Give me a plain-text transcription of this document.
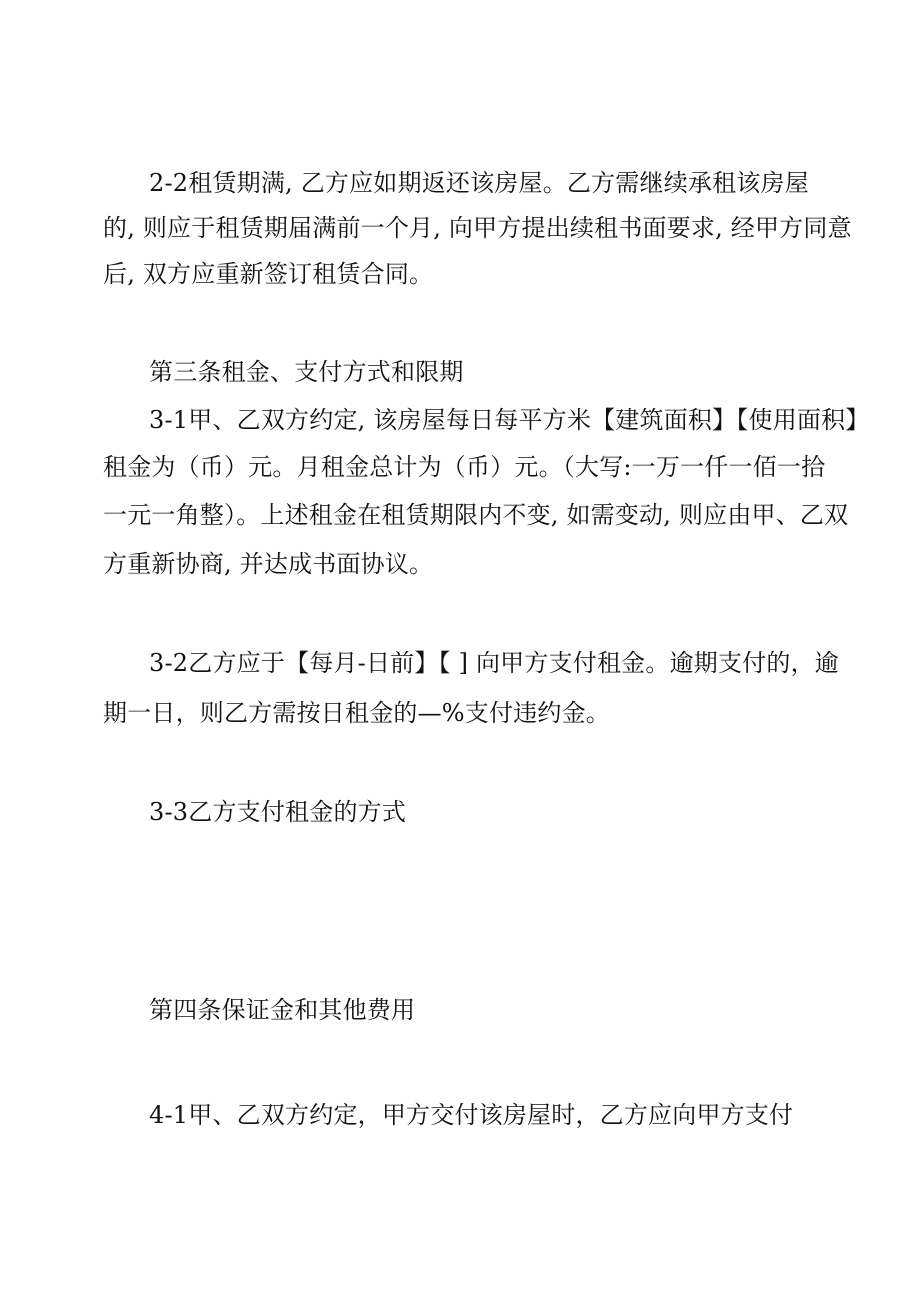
2-2租赁期满, 乙方应如期返还该房屋。乙方需继续承租该房屋
的, 则应于租赁期届满前一个月, 向甲方提出续租书面要求, 经甲方同意
后, 双方应重新签订租赁合同。
第三条租金、支付方式和限期
3-1甲、乙双方约定, 该房屋每日每平方米【建筑面积】【使用面积】
租金为（币）元。月租金总计为（币）元。（大写:一万一仟一佰一拾
一元一角整）。上述租金在租赁期限内不变, 如需变动, 则应由甲、乙双
方重新协商, 并达成书面协议。
3-2乙方应于【每月-日前】【 ] 向甲方支付租金。逾期支付的，逾
期一日，则乙方需按日租金的—%支付违约金。
3-3乙方支付租金的方式
第四条保证金和其他费用
4-1甲、乙双方约定，甲方交付该房屋时，乙方应向甲方支付
